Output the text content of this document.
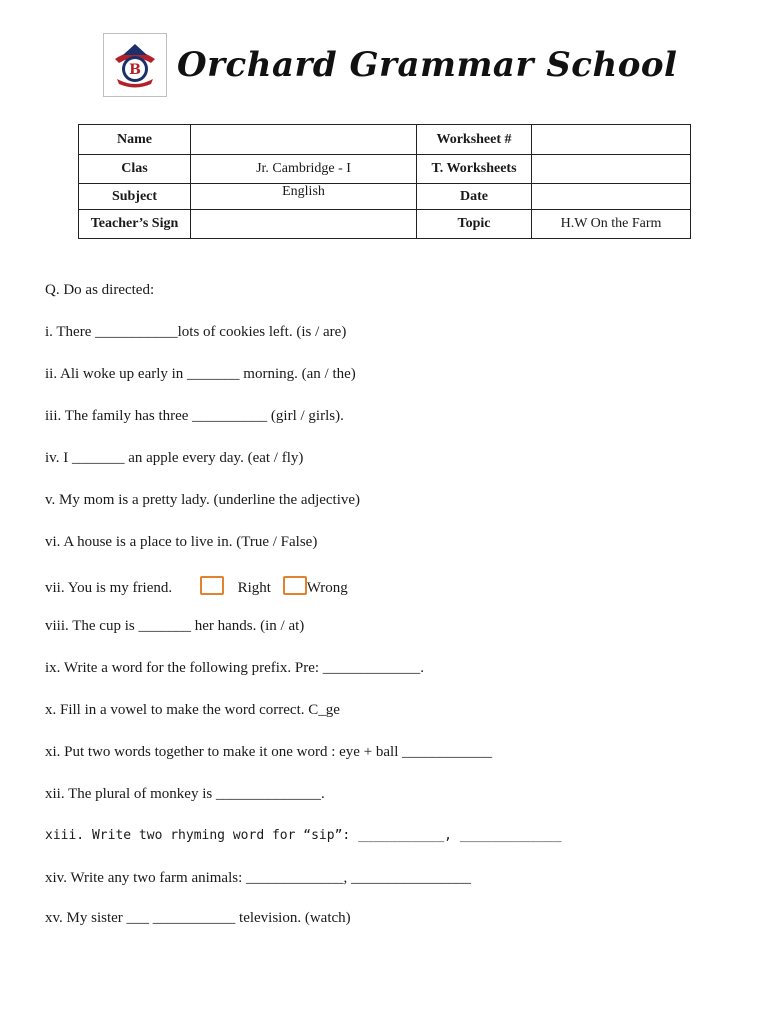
B Orchard Grammar School
Name		Worksheet #	
Clas	Jr. Cambridge - I	T. Worksheets	
Subject	English	Date	
Teacher’s Sign		Topic	H.W On the Farm
Q. Do as directed:
i. There ___________lots of cookies left. (is / are)
ii. Ali woke up early in _______ morning. (an / the)
iii. The family has three __________ (girl / girls).
iv. I _______ an apple every day. (eat / fly)
v. My mom is a pretty lady. (underline the adjective)
vi. A house is a place to live in. (True / False)
vii. You is my friend.	Right Wrong
viii. The cup is _______ her hands. (in / at)
ix. Write a word for the following prefix. Pre: _____________.
x. Fill in a vowel to make the word correct. C_ge
xi. Put two words together to make it one word : eye + ball ____________
xii. The plural of monkey is ______________.
xiii. Write two rhyming word for “sip”: ___________, _____________
xiv. Write any two farm animals: _____________, ________________
xv. My sister ___ ___________ television. (watch)
